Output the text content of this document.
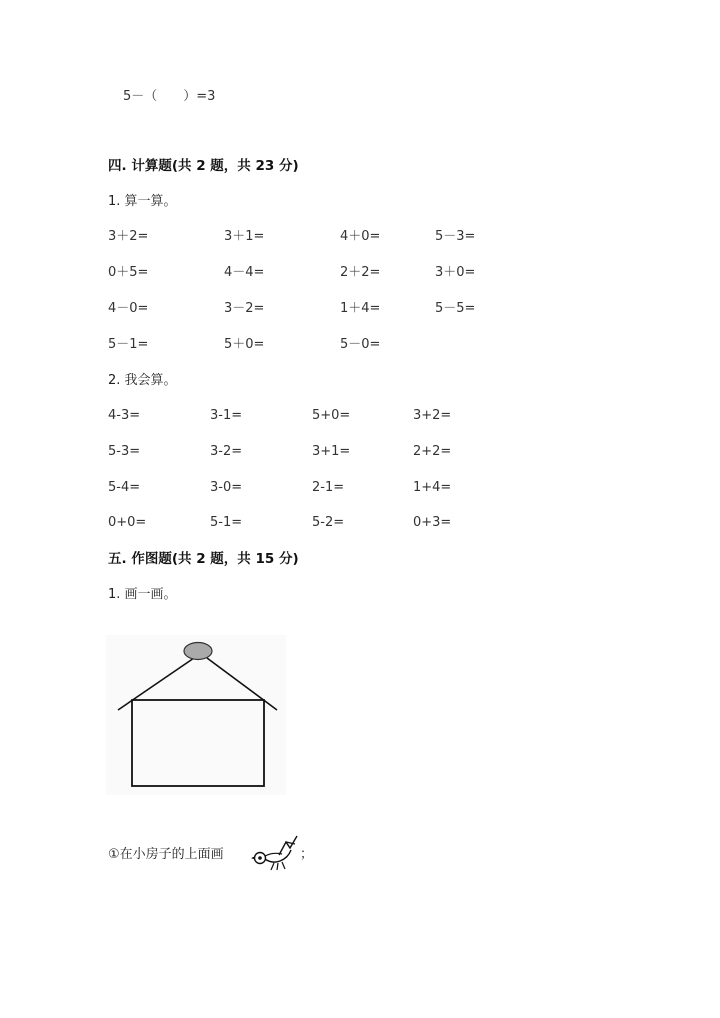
5－（　　）=3
四. 计算题(共 2 题，共 23 分)
1. 算一算。
3＋2=	3＋1=	4＋0=	5－3=
0＋5=	4－4=	2＋2=	3＋0=
4－0=	3－2=	1＋4=	5－5=
5－1=	5＋0=	5－0=
2. 我会算。
4-3=	3-1=	5+0=	3+2=
5-3=	3-2=	3+1=	2+2=
5-4=	3-0=	2-1=	1+4=
0+0=	5-1=	5-2=	0+3=
五. 作图题(共 2 题，共 15 分)
1. 画一画。
①在小房子的上面画	；
